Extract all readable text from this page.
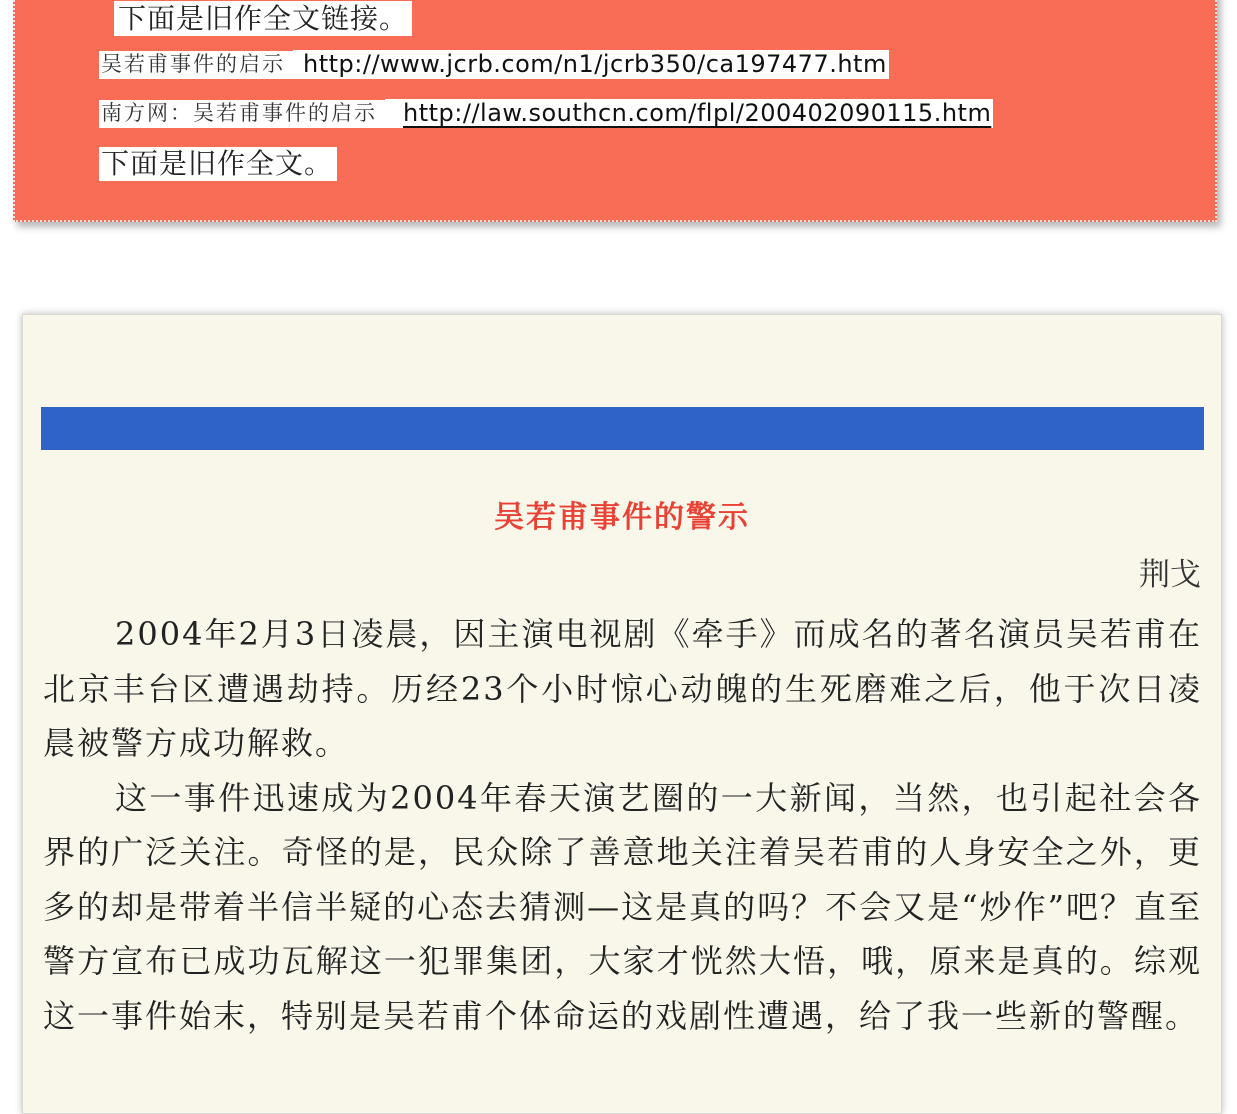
下面是旧作全文链接。
吴若甫事件的启示 http://www.jcrb.com/n1/jcrb350/ca197477.htm
南方网：吴若甫事件的启示	http://law.southcn.com/flpl/200402090115.htm
下面是旧作全文。
吴若甫事件的警示
荆戈

2004年2月3日凌晨，因主演电视剧《牵手》而成名的著名演员吴若甫在北京丰台区遭遇劫持。历经23个小时惊心动魄的生死磨难之后，他于次日凌晨被警方成功解救。

这一事件迅速成为2004年春天演艺圈的一大新闻，当然，也引起社会各界的广泛关注。奇怪的是，民众除了善意地关注着吴若甫的人身安全之外，更多的却是带着半信半疑的心态去猜测—这是真的吗？不会又是“炒作”吧？直至警方宣布已成功瓦解这一犯罪集团，大家才恍然大悟，哦，原来是真的。综观这一事件始末，特别是吴若甫个体命运的戏剧性遭遇，给了我一些新的警醒。
